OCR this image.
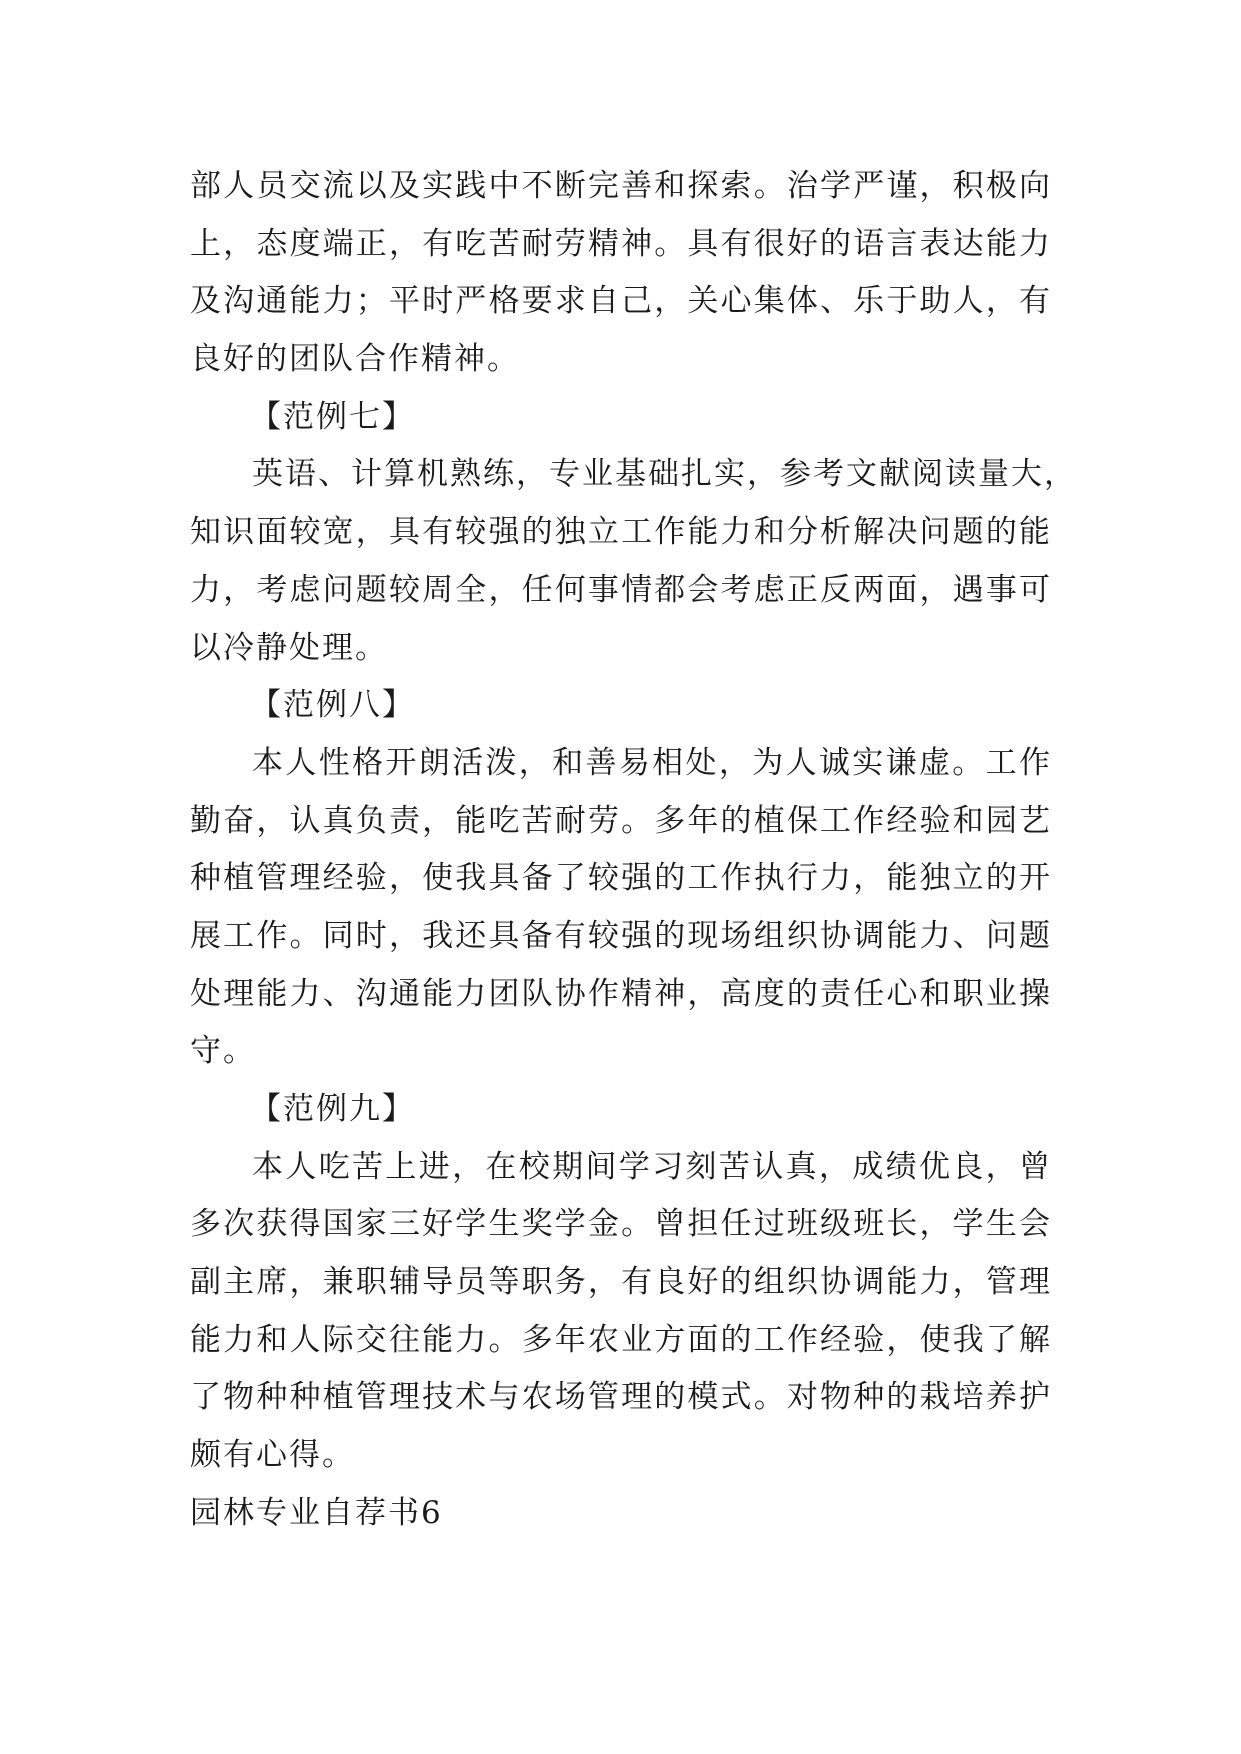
部人员交流以及实践中不断完善和探索。治学严谨，积极向
上，态度端正，有吃苦耐劳精神。具有很好的语言表达能力
及沟通能力；平时严格要求自己，关心集体、乐于助人，有
良好的团队合作精神。
【范例七】
英语、计算机熟练，专业基础扎实，参考文献阅读量大，
知识面较宽，具有较强的独立工作能力和分析解决问题的能
力，考虑问题较周全，任何事情都会考虑正反两面，遇事可
以冷静处理。
【范例八】
本人性格开朗活泼，和善易相处，为人诚实谦虚。工作
勤奋，认真负责，能吃苦耐劳。多年的植保工作经验和园艺
种植管理经验，使我具备了较强的工作执行力，能独立的开
展工作。同时，我还具备有较强的现场组织协调能力、问题
处理能力、沟通能力团队协作精神，高度的责任心和职业操
守。
【范例九】
本人吃苦上进，在校期间学习刻苦认真，成绩优良，曾
多次获得国家三好学生奖学金。曾担任过班级班长，学生会
副主席，兼职辅导员等职务，有良好的组织协调能力，管理
能力和人际交往能力。多年农业方面的工作经验，使我了解
了物种种植管理技术与农场管理的模式。对物种的栽培养护
颇有心得。
园林专业自荐书6
